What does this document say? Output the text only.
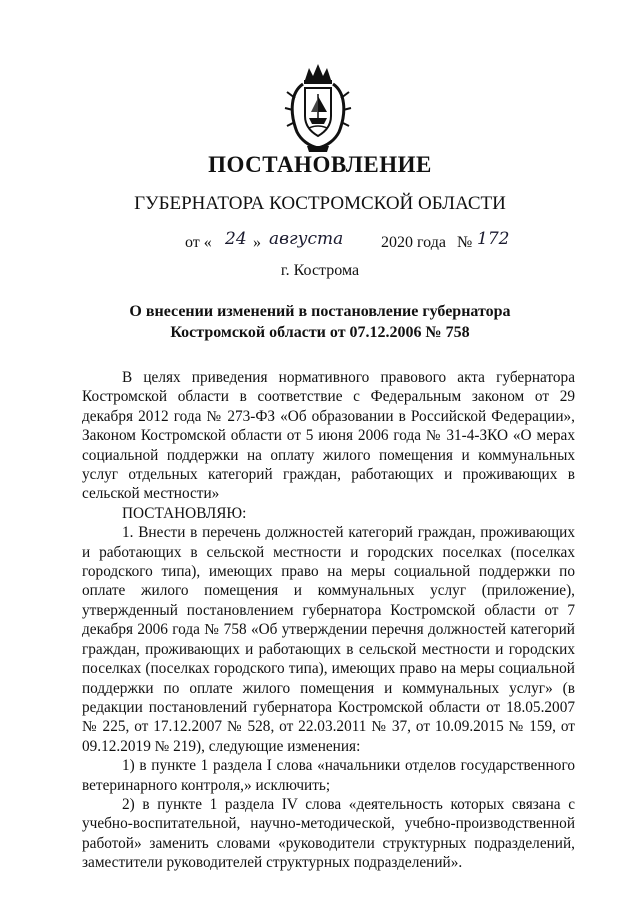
ПОСТАНОВЛЕНИЕ
ГУБЕРНАТОРА КОСТРОМСКОЙ ОБЛАСТИ
от « 24 » августа 2020 года № 172
г. Кострома
О внесении изменений в постановление губернатора
Костромской области от 07.12.2006 № 758

В целях приведения нормативного правового акта губернатора Костромской области в соответствие с Федеральным законом от 29 декабря 2012 года № 273-ФЗ «Об образовании в Российской Федерации», Законом Костромской области от 5 июня 2006 года № 31-4-ЗКО «О мерах социальной поддержки на оплату жилого помещения и коммунальных услуг отдельных категорий граждан, работающих и проживающих в сельской местности»

ПОСТАНОВЛЯЮ:

1. Внести в перечень должностей категорий граждан, проживающих и работающих в сельской местности и городских поселках (поселках городского типа), имеющих право на меры социальной поддержки по оплате жилого помещения и коммунальных услуг (приложение), утвержденный постановлением губернатора Костромской области от 7 декабря 2006 года № 758 «Об утверждении перечня должностей категорий граждан, проживающих и работающих в сельской местности и городских поселках (поселках городского типа), имеющих право на меры социальной поддержки по оплате жилого помещения и коммунальных услуг» (в редакции постановлений губернатора Костромской области от 18.05.2007 № 225, от 17.12.2007 № 528, от 22.03.2011 № 37, от 10.09.2015 № 159, от 09.12.2019 № 219), следующие изменения:

1) в пункте 1 раздела I слова «начальники отделов государственного ветеринарного контроля,» исключить;

2) в пункте 1 раздела IV слова «деятельность которых связана с учебно-воспитательной, научно-методической, учебно-производственной работой» заменить словами «руководители структурных подразделений, заместители руководителей структурных подразделений».
